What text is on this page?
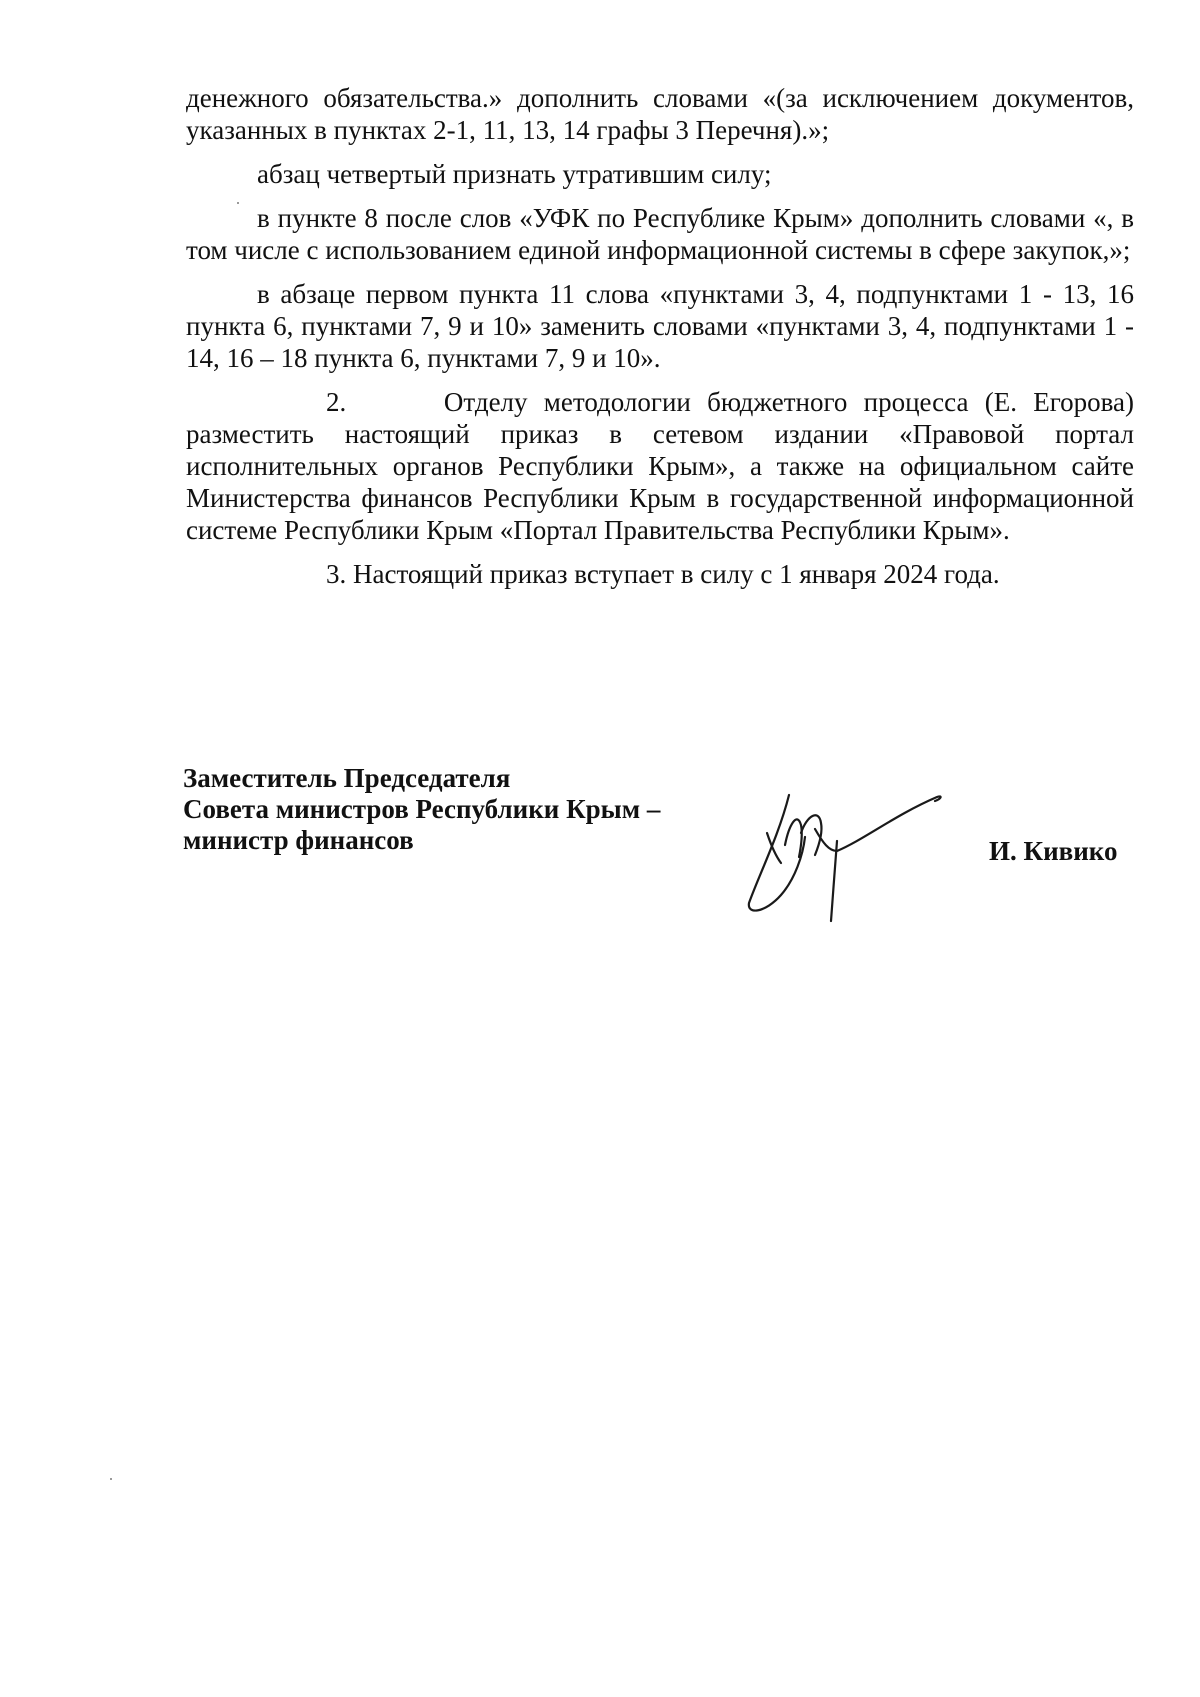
денежного обязательства.» дополнить словами «(за исключением документов, указанных в пунктах 2-1, 11, 13, 14 графы 3 Перечня).»;

абзац четвертый признать утратившим силу;

в пункте 8 после слов «УФК по Республике Крым» дополнить словами «, в том числе с использованием единой информационной системы в сфере закупок,»;

в абзаце первом пункта 11 слова «пунктами 3, 4, подпунктами 1 - 13, 16 пункта 6, пунктами 7, 9 и 10» заменить словами «пунктами 3, 4, подпунктами 1 - 14, 16 – 18 пункта 6, пунктами 7, 9 и 10».

2.	Отделу методологии бюджетного процесса (Е. Егорова) разместить настоящий приказ в сетевом издании «Правовой портал исполнительных органов Республики Крым», а также на официальном сайте Министерства финансов Республики Крым в государственной информационной системе Республики Крым «Портал Правительства Республики Крым».

3. Настоящий приказ вступает в силу с 1 января 2024 года.

Заместитель Председателя
Совета министров Республики Крым –
министр финансов	И. Кивико
